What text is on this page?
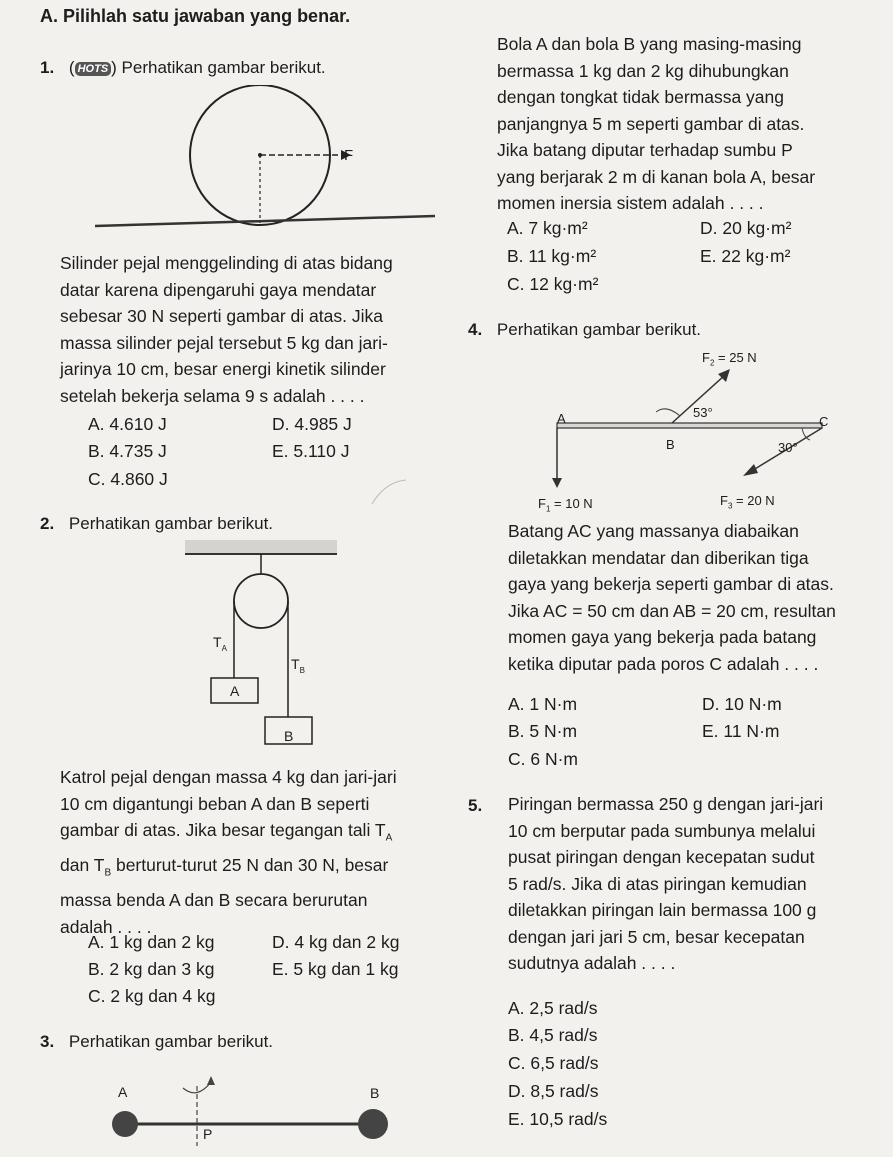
A. Pilihlah satu jawaban yang benar.
1. ( HOTS ) Perhatikan gambar berikut.
F
Silinder pejal menggelinding di atas bidang
datar karena dipengaruhi gaya mendatar
sebesar 30 N seperti gambar di atas. Jika
massa silinder pejal tersebut 5 kg dan jari-
jarinya 10 cm, besar energi kinetik silinder
setelah bekerja selama 9 s adalah . . . .
A. 4.610 J
B. 4.735 J
C. 4.860 J
D. 4.985 J
E. 5.110 J
2. Perhatikan gambar berikut.
$T_A$
$T_B$
A
B
Katrol pejal dengan massa 4 kg dan jari-jari
10 cm digantungi beban A dan B seperti
gambar di atas. Jika besar tegangan tali $T_A$
dan $T_B$ berturut-turut 25 N dan 30 N, besar
massa benda A dan B secara berurutan
adalah . . . .
A. 1 kg dan 2 kg
B. 2 kg dan 3 kg
C. 2 kg dan 4 kg
D. 4 kg dan 2 kg
E. 5 kg dan 1 kg
3. Perhatikan gambar berikut.
A	B
P
Bola A dan bola B yang masing-masing
bermassa 1 kg dan 2 kg dihubungkan
dengan tongkat tidak bermassa yang
panjangnya 5 m seperti gambar di atas.
Jika batang diputar terhadap sumbu P
yang berjarak 2 m di kanan bola A, besar
momen inersia sistem adalah . . . .
A. 7 kg·m²
B. 11 kg·m²
C. 12 kg·m²
D. 20 kg·m²
E. 22 kg·m²
4. Perhatikan gambar berikut.
$F_2 = 25$ N
53°
A	C
B	30°
$F_1 = 10$ N	$F_3 = 20$ N
Batang AC yang massanya diabaikan
diletakkan mendatar dan diberikan tiga
gaya yang bekerja seperti gambar di atas.
Jika AC = 50 cm dan AB = 20 cm, resultan
momen gaya yang bekerja pada batang
ketika diputar pada poros C adalah . . . .
A. 1 N·m
B. 5 N·m
C. 6 N·m
D. 10 N·m
E. 11 N·m
5. Piringan bermassa 250 g dengan jari-jari
10 cm berputar pada sumbunya melalui
pusat piringan dengan kecepatan sudut
5 rad/s. Jika di atas piringan kemudian
diletakkan piringan lain bermassa 100 g
dengan jari jari 5 cm, besar kecepatan
sudutnya adalah . . . .
A. 2,5 rad/s
B. 4,5 rad/s
C. 6,5 rad/s
D. 8,5 rad/s
E. 10,5 rad/s
